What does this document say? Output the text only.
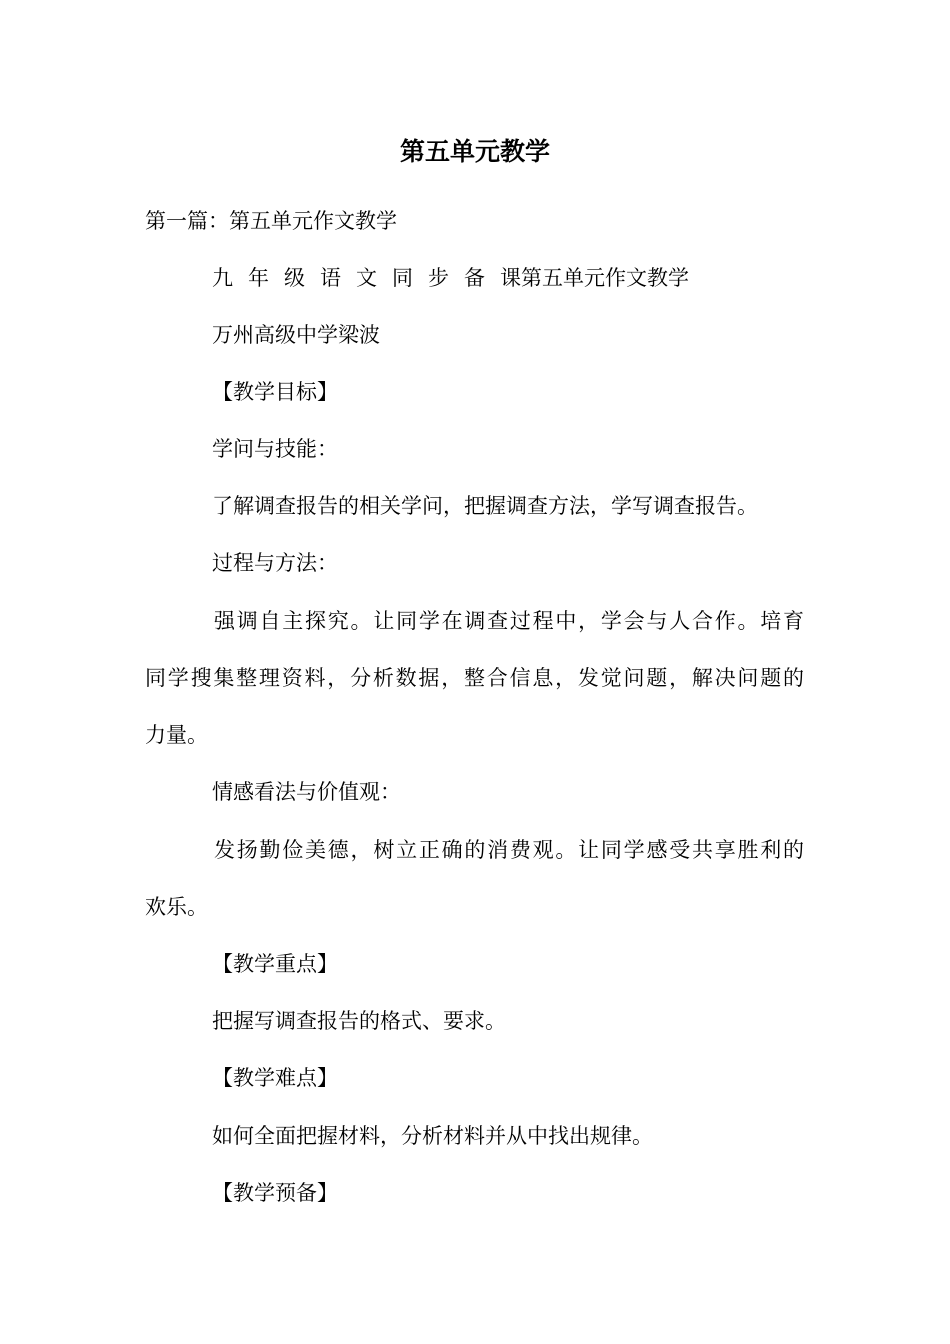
第五单元教学
第一篇：第五单元作文教学
九年级语文同步备课第五单元作文教学
万州高级中学梁波
【教学目标】
学问与技能：
了解调查报告的相关学问，把握调查方法，学写调查报告。
过程与方法：
强调自主探究。让同学在调查过程中，学会与人合作。培育
同学搜集整理资料，分析数据，整合信息，发觉问题，解决问题的
力量。
情感看法与价值观：
发扬勤俭美德，树立正确的消费观。让同学感受共享胜利的
欢乐。
【教学重点】
把握写调查报告的格式、要求。
【教学难点】
如何全面把握材料，分析材料并从中找出规律。
【教学预备】
